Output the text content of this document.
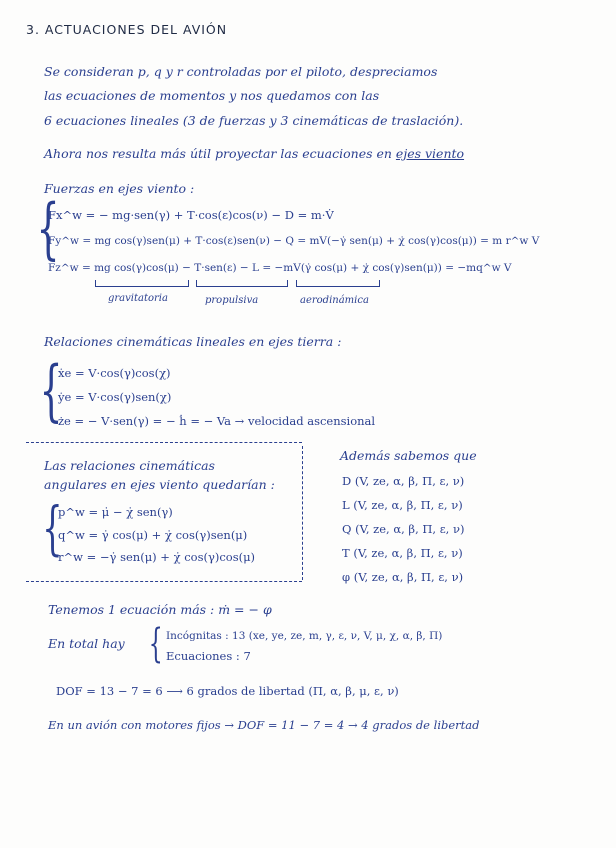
3. ACTUACIONES DEL AVIÓN
Se consideran p, q y r controladas por el piloto, despreciamos
las ecuaciones de momentos y nos quedamos con las
6 ecuaciones lineales (3 de fuerzas y 3 cinemáticas de traslación).
Ahora nos resulta más útil proyectar las ecuaciones en ejes viento
Fuerzas en ejes viento :
{
Fx^w = − mg·sen(γ) + T·cos(ε)cos(ν) − D = m·V̇
Fy^w = mg cos(γ)sen(μ) + T·cos(ε)sen(ν) − Q = mV(−γ̇ sen(μ) + χ̇ cos(γ)cos(μ)) = m r^w V
Fz^w = mg cos(γ)cos(μ) − T·sen(ε) − L = −mV(γ̇ cos(μ) + χ̇ cos(γ)sen(μ)) = −mq^w V
gravitatoria	propulsiva	aerodinámica
Relaciones cinemáticas lineales en ejes tierra :
{
ẋe = V·cos(γ)cos(χ)
ẏe = V·cos(γ)sen(χ)
że = − V·sen(γ) = − ḣ = − Va → velocidad ascensional
Las relaciones cinemáticas
angulares en ejes viento quedarían :
{
p^w = μ̇ − χ̇ sen(γ)
q^w = γ̇ cos(μ) + χ̇ cos(γ)sen(μ)
r^w = −γ̇ sen(μ) + χ̇ cos(γ)cos(μ)
Además sabemos que
D (V, ze, α, β, Π, ε, ν)
L (V, ze, α, β, Π, ε, ν)
Q (V, ze, α, β, Π, ε, ν)
T (V, ze, α, β, Π, ε, ν)
φ (V, ze, α, β, Π, ε, ν)
Tenemos 1 ecuación más : ṁ = − φ
En total hay { Incógnitas : 13 (xe, ye, ze, m, γ, ε, ν, V, μ, χ, α, β, Π)
Ecuaciones : 7
DOF = 13 − 7 = 6 ⟶ 6 grados de libertad (Π, α, β, μ, ε, ν)
En un avión con motores fijos → DOF = 11 − 7 = 4 → 4 grados de libertad
